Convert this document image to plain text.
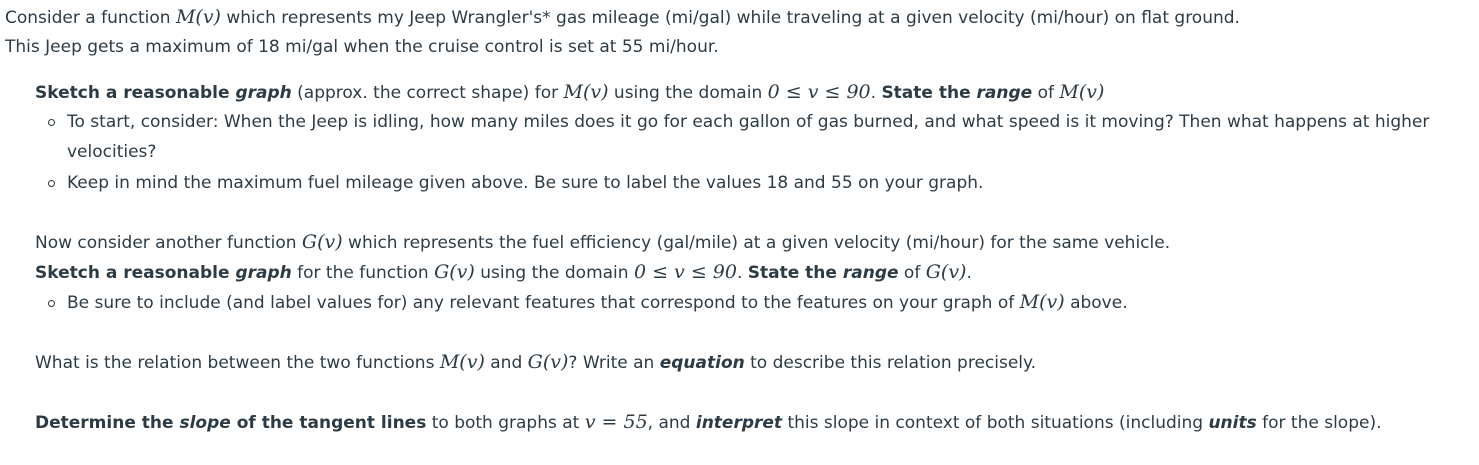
Consider a function M(v) which represents my Jeep Wrangler's* gas mileage (mi/gal) while traveling at a given velocity (mi/hour) on flat ground.
This Jeep gets a maximum of 18 mi/gal when the cruise control is set at 55 mi/hour.
Sketch a reasonable graph (approx. the correct shape) for M(v) using the domain 0 ≤ v ≤ 90. State the range of M(v)
To start, consider: When the Jeep is idling, how many miles does it go for each gallon of gas burned, and what speed is it moving? Then what happens at higher
velocities?
Keep in mind the maximum fuel mileage given above. Be sure to label the values 18 and 55 on your graph.
Now consider another function G(v) which represents the fuel efficiency (gal/mile) at a given velocity (mi/hour) for the same vehicle.
Sketch a reasonable graph for the function G(v) using the domain 0 ≤ v ≤ 90. State the range of G(v).
Be sure to include (and label values for) any relevant features that correspond to the features on your graph of M(v) above.
What is the relation between the two functions M(v) and G(v)? Write an equation to describe this relation precisely.
Determine the slope of the tangent lines to both graphs at v = 55, and interpret this slope in context of both situations (including units for the slope).
